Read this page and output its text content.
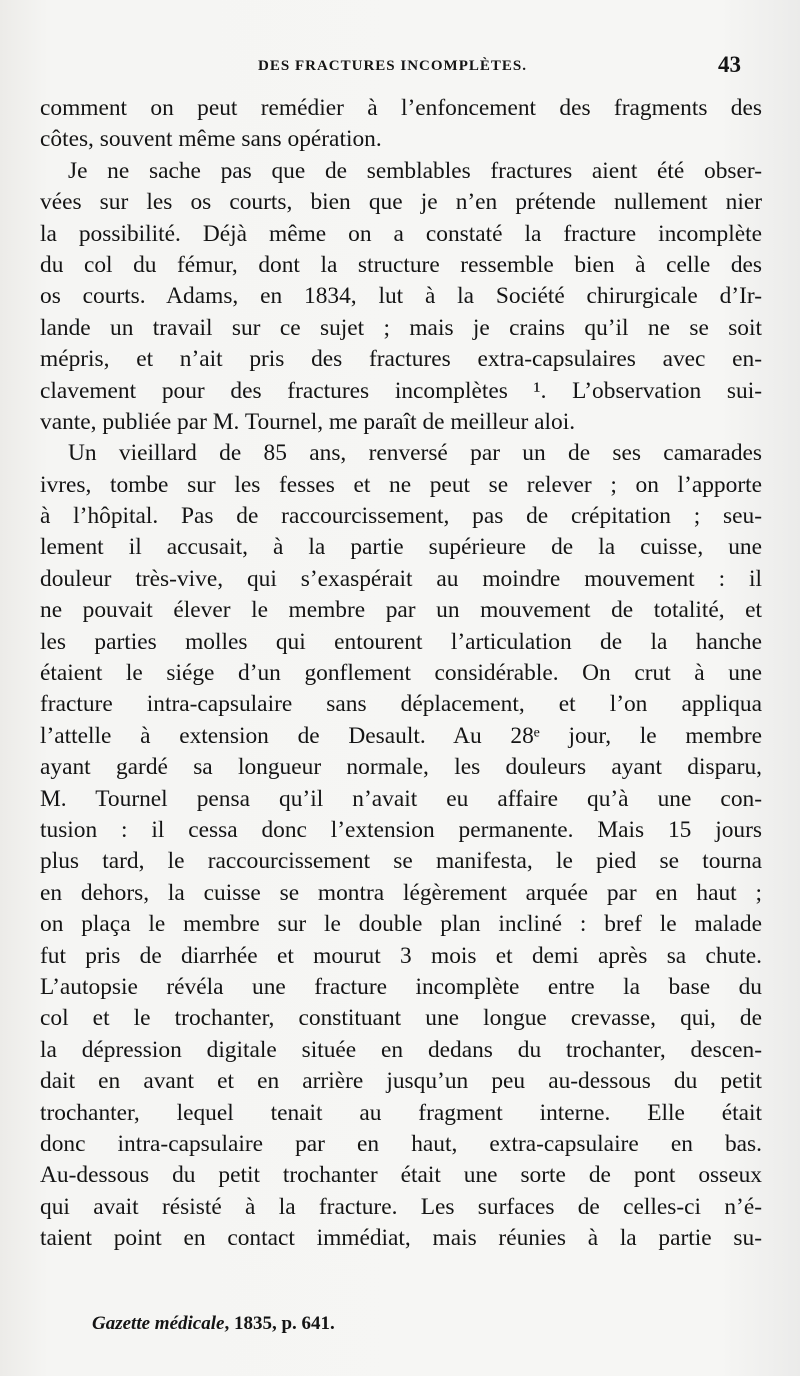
DES FRACTURES INCOMPLÈTES.	43
comment on peut remédier à l’enfoncement des fragments des
côtes, souvent même sans opération.
Je ne sache pas que de semblables fractures aient été obser-
vées sur les os courts, bien que je n’en prétende nullement nier
la possibilité. Déjà même on a constaté la fracture incomplète
du col du fémur, dont la structure ressemble bien à celle des
os courts. Adams, en 1834, lut à la Société chirurgicale d’Ir-
lande un travail sur ce sujet ; mais je crains qu’il ne se soit
mépris, et n’ait pris des fractures extra-capsulaires avec en-
clavement pour des fractures incomplètes ¹. L’observation sui-
vante, publiée par M. Tournel, me paraît de meilleur aloi.
Un vieillard de 85 ans, renversé par un de ses camarades
ivres, tombe sur les fesses et ne peut se relever ; on l’apporte
à l’hôpital. Pas de raccourcissement, pas de crépitation ; seu-
lement il accusait, à la partie supérieure de la cuisse, une
douleur très-vive, qui s’exaspérait au moindre mouvement : il
ne pouvait élever le membre par un mouvement de totalité, et
les parties molles qui entourent l’articulation de la hanche
étaient le siége d’un gonflement considérable. On crut à une
fracture intra-capsulaire sans déplacement, et l’on appliqua
l’attelle à extension de Desault. Au 28ᵉ jour, le membre
ayant gardé sa longueur normale, les douleurs ayant disparu,
M. Tournel pensa qu’il n’avait eu affaire qu’à une con-
tusion : il cessa donc l’extension permanente. Mais 15 jours
plus tard, le raccourcissement se manifesta, le pied se tourna
en dehors, la cuisse se montra légèrement arquée par en haut ;
on plaça le membre sur le double plan incliné : bref le malade
fut pris de diarrhée et mourut 3 mois et demi après sa chute.
L’autopsie révéla une fracture incomplète entre la base du
col et le trochanter, constituant une longue crevasse, qui, de
la dépression digitale située en dedans du trochanter, descen-
dait en avant et en arrière jusqu’un peu au-dessous du petit
trochanter, lequel tenait au fragment interne. Elle était
donc intra-capsulaire par en haut, extra-capsulaire en bas.
Au-dessous du petit trochanter était une sorte de pont osseux
qui avait résisté à la fracture. Les surfaces de celles-ci n’é-
taient point en contact immédiat, mais réunies à la partie su-
Gazette médicale, 1835, p. 641.
